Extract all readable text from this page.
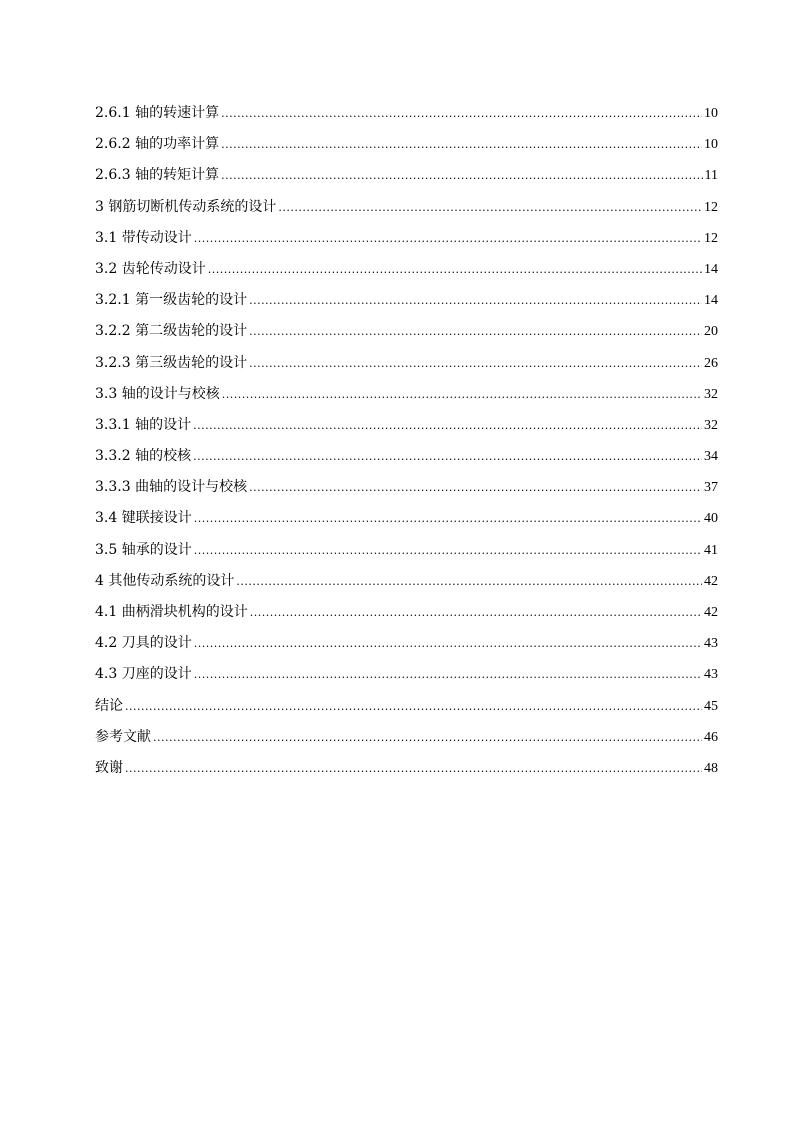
2.6.1 轴的转速计算 .....	10
2.6.2 轴的功率计算 .....	10
2.6.3 轴的转矩计算 .....	11
3 钢筋切断机传动系统的设计 .....	12
3.1 带传动设计 .....	12
3.2 齿轮传动设计 .....	14
3.2.1 第一级齿轮的设计 .....	14
3.2.2 第二级齿轮的设计 .....	20
3.2.3 第三级齿轮的设计 .....	26
3.3 轴的设计与校核 .....	32
3.3.1 轴的设计 .....	32
3.3.2 轴的校核 .....	34
3.3.3 曲轴的设计与校核 .....	37
3.4 键联接设计 .....	40
3.5 轴承的设计 .....	41
4 其他传动系统的设计 .....	42
4.1 曲柄滑块机构的设计 .....	42
4.2 刀具的设计 .....	43
4.3 刀座的设计 .....	43
结论 .....	45
参考文献 .....	46
致谢 .....	48
